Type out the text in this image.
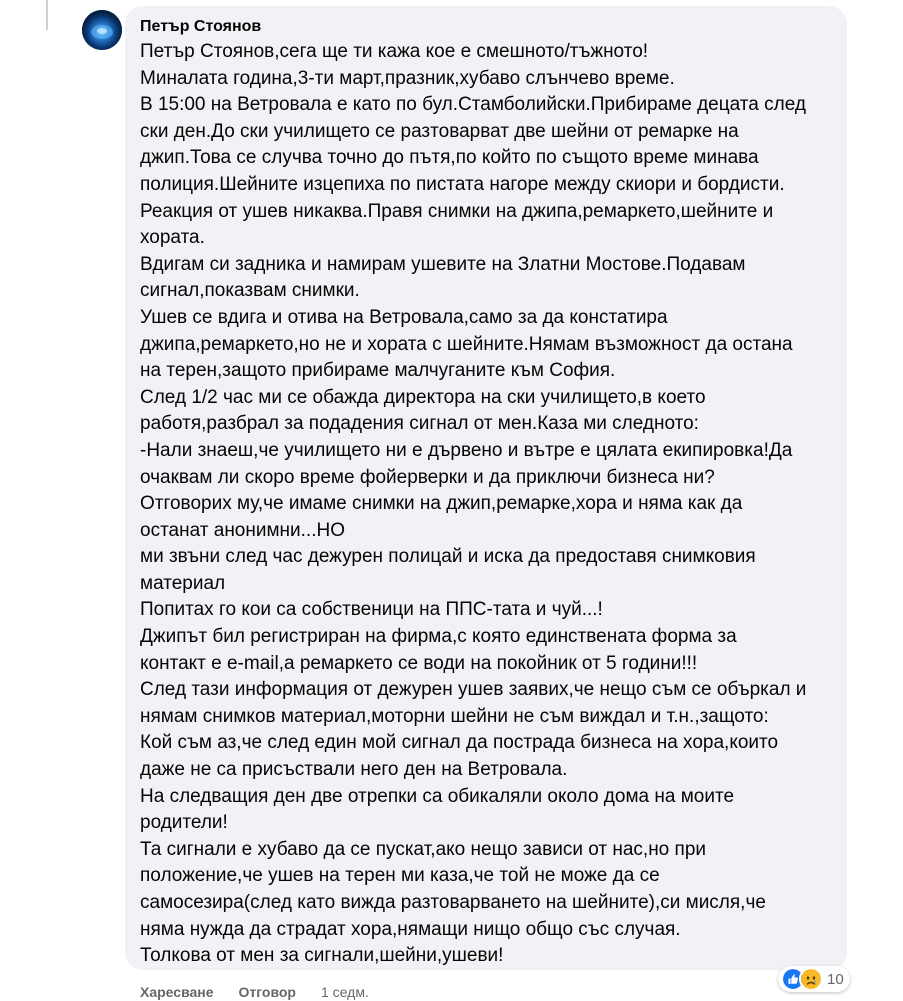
Петър Стоянов
Петър Стоянов,сега ще ти кажа кое е смешното/тъжното!
Миналата година,3-ти март,празник,хубаво слънчево време.
В 15:00 на Ветровала е като по бул.Стамболийски.Прибираме децата след
ски ден.До ски училището се разтоварват две шейни от ремарке на
джип.Това се случва точно до пътя,по който по същото време минава
полиция.Шейните изцепиха по пистата нагоре между скиори и бордисти.
Реакция от ушев никаква.Правя снимки на джипа,ремаркето,шейните и
хората.
Вдигам си задника и намирам ушевите на Златни Мостове.Подавам
сигнал,показвам снимки.
Ушев се вдига и отива на Ветровала,само за да констатира
джипа,ремаркето,но не и хората с шейните.Нямам възможност да остана
на терен,защото прибираме малчуганите към София.
След 1/2 час ми се обажда директора на ски училището,в което
работя,разбрал за подадения сигнал от мен.Каза ми следното:
-Нали знаеш,че училището ни е дървено и вътре е цялата екипировка!Да
очаквам ли скоро време фойерверки и да приключи бизнеса ни?
Отговорих му,че имаме снимки на джип,ремарке,хора и няма как да
останат анонимни...НО
ми звъни след час дежурен полицай и иска да предоставя снимковия
материал
Попитах го кои са собственици на ППС-тата и чуй...!
Джипът бил регистриран на фирма,с която единствената форма за
контакт е e-mail,а ремаркето се води на покойник от 5 години!!!
След тази информация от дежурен ушев заявих,че нещо съм се объркал и
нямам снимков материал,моторни шейни не съм виждал и т.н.,защото:
Кой съм аз,че след един мой сигнал да пострада бизнеса на хора,които
даже не са присъствали него ден на Ветровала.
На следващия ден две отрепки са обикаляли около дома на моите
родители!
Та сигнали е хубаво да се пускат,ако нещо зависи от нас,но при
положение,че ушев на терен ми каза,че той не може да се
самосезира(след като вижда разтоварването на шейните),си мисля,че
няма нужда да страдат хора,нямащи нищо общо със случая.
Толкова от мен за сигнали,шейни,ушеви!
10
Харесване Отговор 1 седм.
